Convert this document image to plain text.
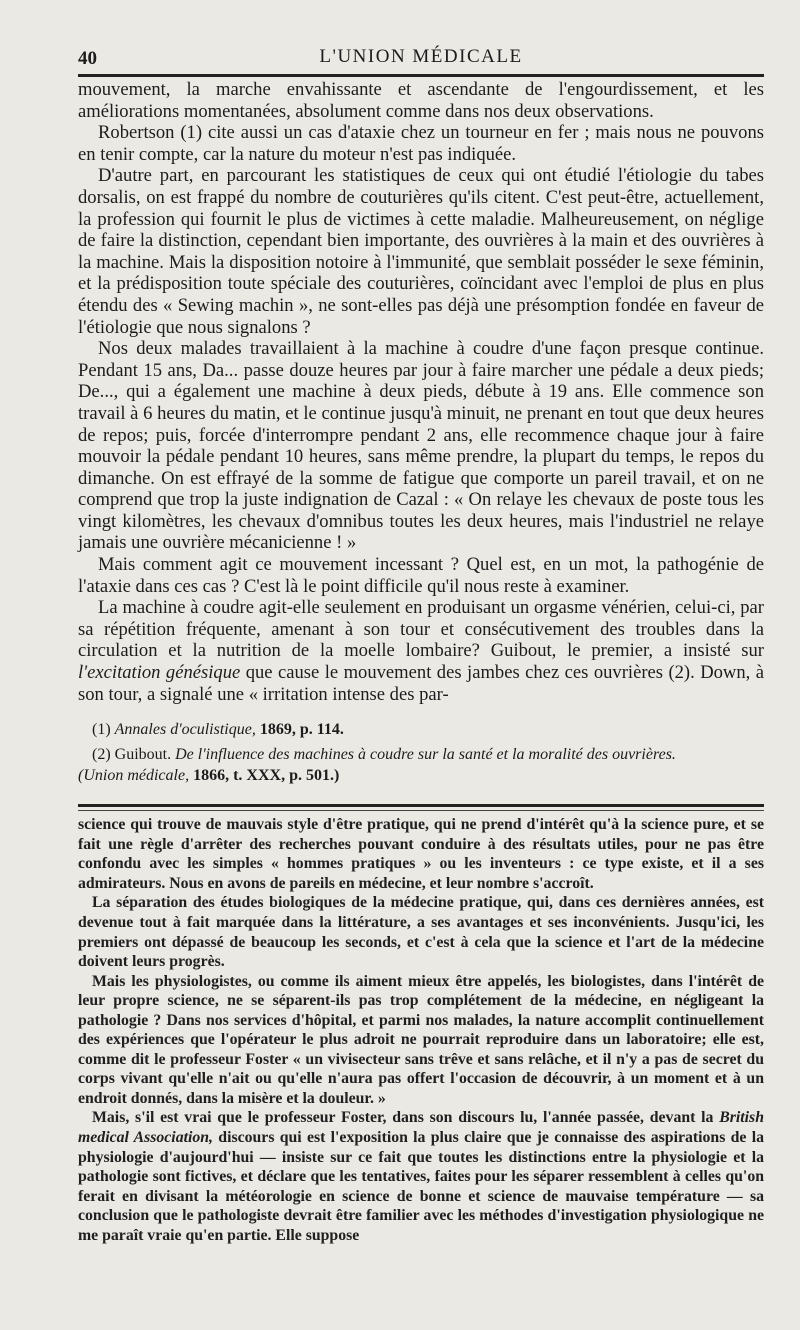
40	L'UNION MÉDICALE

mouvement, la marche envahissante et ascendante de l'engourdissement, et les améliorations momentanées, absolument comme dans nos deux observations.

Robertson (1) cite aussi un cas d'ataxie chez un tourneur en fer ; mais nous ne pouvons en tenir compte, car la nature du moteur n'est pas indiquée.

D'autre part, en parcourant les statistiques de ceux qui ont étudié l'étiologie du tabes dorsalis, on est frappé du nombre de couturières qu'ils citent. C'est peut-être, actuellement, la profession qui fournit le plus de victimes à cette maladie. Malheureusement, on néglige de faire la distinction, cependant bien importante, des ouvrières à la main et des ouvrières à la machine. Mais la disposition notoire à l'immunité, que semblait posséder le sexe féminin, et la prédisposition toute spéciale des couturières, coïncidant avec l'emploi de plus en plus étendu des « Sewing machin », ne sont-elles pas déjà une présomption fondée en faveur de l'étiologie que nous signalons ?

Nos deux malades travaillaient à la machine à coudre d'une façon presque continue. Pendant 15 ans, Da... passe douze heures par jour à faire marcher une pédale a deux pieds; De..., qui a également une machine à deux pieds, débute à 19 ans. Elle commence son travail à 6 heures du matin, et le continue jusqu'à minuit, ne prenant en tout que deux heures de repos; puis, forcée d'interrompre pendant 2 ans, elle recommence chaque jour à faire mouvoir la pédale pendant 10 heures, sans même prendre, la plupart du temps, le repos du dimanche. On est effrayé de la somme de fatigue que comporte un pareil travail, et on ne comprend que trop la juste indignation de Cazal : « On relaye les chevaux de poste tous les vingt kilomètres, les chevaux d'omnibus toutes les deux heures, mais l'industriel ne relaye jamais une ouvrière mécanicienne ! »

Mais comment agit ce mouvement incessant ? Quel est, en un mot, la pathogénie de l'ataxie dans ces cas ? C'est là le point difficile qu'il nous reste à examiner.

La machine à coudre agit-elle seulement en produisant un orgasme vénérien, celui-ci, par sa répétition fréquente, amenant à son tour et consécutivement des troubles dans la circulation et la nutrition de la moelle lombaire? Guibout, le premier, a insisté sur l'excitation génésique que cause le mouvement des jambes chez ces ouvrières (2). Down, à son tour, a signalé une « irritation intense des par-

(1) Annales d'oculistique, 1869, p. 114.

(2) Guibout. De l'influence des machines à coudre sur la santé et la moralité des ouvrières.
(Union médicale, 1866, t. XXX, p. 501.)

science qui trouve de mauvais style d'être pratique, qui ne prend d'intérêt qu'à la science pure, et se fait une règle d'arrêter des recherches pouvant conduire à des résultats utiles, pour ne pas être confondu avec les simples « hommes pratiques » ou les inventeurs : ce type existe, et il a ses admirateurs. Nous en avons de pareils en médecine, et leur nombre s'accroît.

La séparation des études biologiques de la médecine pratique, qui, dans ces dernières années, est devenue tout à fait marquée dans la littérature, a ses avantages et ses inconvénients. Jusqu'ici, les premiers ont dépassé de beaucoup les seconds, et c'est à cela que la science et l'art de la médecine doivent leurs progrès.

Mais les physiologistes, ou comme ils aiment mieux être appelés, les biologistes, dans l'intérêt de leur propre science, ne se séparent-ils pas trop complétement de la médecine, en négligeant la pathologie ? Dans nos services d'hôpital, et parmi nos malades, la nature accomplit continuellement des expériences que l'opérateur le plus adroit ne pourrait reproduire dans un laboratoire; elle est, comme dit le professeur Foster « un vivisecteur sans trêve et sans relâche, et il n'y a pas de secret du corps vivant qu'elle n'ait ou qu'elle n'aura pas offert l'occasion de découvrir, à un moment et à un endroit donnés, dans la misère et la douleur. »

Mais, s'il est vrai que le professeur Foster, dans son discours lu, l'année passée, devant la British medical Association, discours qui est l'exposition la plus claire que je connaisse des aspirations de la physiologie d'aujourd'hui — insiste sur ce fait que toutes les distinctions entre la physiologie et la pathologie sont fictives, et déclare que les tentatives, faites pour les séparer ressemblent à celles qu'on ferait en divisant la météorologie en science de bonne et science de mauvaise température — sa conclusion que le pathologiste devrait être familier avec les méthodes d'investigation physiologique ne me paraît vraie qu'en partie. Elle suppose
